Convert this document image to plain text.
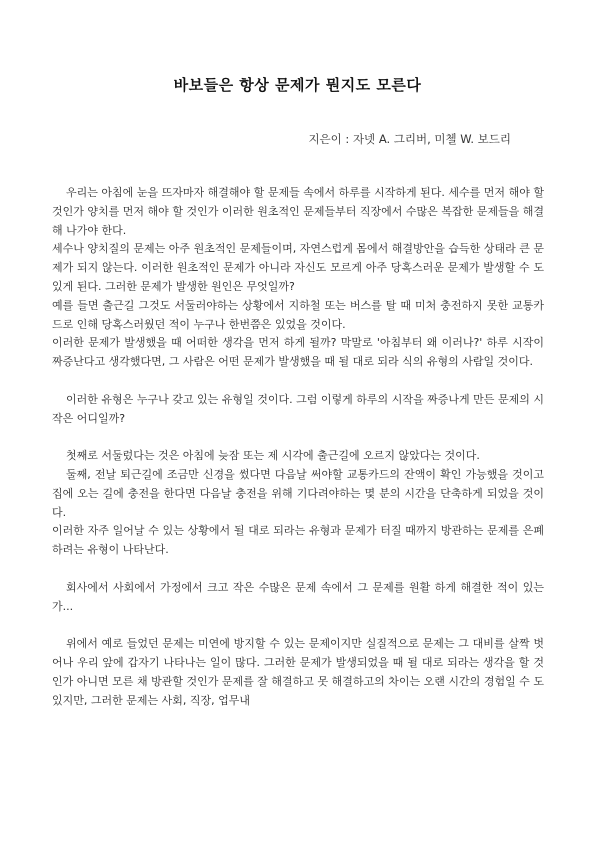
바보들은 항상 문제가 뭔지도 모른다
지은이 : 자넷 A. 그리버, 미첼 W. 보드리

우리는 아침에 눈을 뜨자마자 해결해야 할 문제들 속에서 하루를 시작하게 된다. 세수를 먼저 해야 할 것인가 양치를 먼저 해야 할 것인가 이러한 원초적인 문제들부터 직장에서 수많은 복잡한 문제들을 해결해 나가야 한다.

세수나 양치질의 문제는 아주 원초적인 문제들이며, 자연스럽게 몸에서 해결방안을 습득한 상태라 큰 문제가 되지 않는다. 이러한 원초적인 문제가 아니라 자신도 모르게 아주 당혹스러운 문제가 발생할 수 도 있게 된다. 그러한 문제가 발생한 원인은 무엇일까?

예를 들면 출근길 그것도 서둘러야하는 상황에서 지하철 또는 버스를 탈 때 미처 충전하지 못한 교통카드로 인해 당혹스러웠던 적이 누구나 한번쯤은 있었을 것이다.

이러한 문제가 발생했을 때 어떠한 생각을 먼저 하게 될까? 막말로 '아침부터 왜 이러나?' 하루 시작이 짜증난다고 생각했다면, 그 사람은 어떤 문제가 발생했을 때 될 대로 되라 식의 유형의 사람일 것이다.

이러한 유형은 누구나 갖고 있는 유형일 것이다. 그럼 이렇게 하루의 시작을 짜증나게 만든 문제의 시작은 어디일까?

첫째로 서둘렀다는 것은 아침에 늦잠 또는 제 시각에 출근길에 오르지 않았다는 것이다.

둘째, 전날 퇴근길에 조금만 신경을 썼다면 다음날 써야할 교통카드의 잔액이 확인 가능했을 것이고 집에 오는 길에 충전을 한다면 다음날 충전을 위해 기다려야하는 몇 분의 시간을 단축하게 되었을 것이다.

이러한 자주 일어날 수 있는 상황에서 될 대로 되라는 유형과 문제가 터질 때까지 방관하는 문제를 은폐하려는 유형이 나타난다.

회사에서 사회에서 가정에서 크고 작은 수많은 문제 속에서 그 문제를 원활 하게 해결한 적이 있는가...

위에서 예로 들었던 문제는 미연에 방지할 수 있는 문제이지만 실질적으로 문제는 그 대비를 살짝 벗어나 우리 앞에 갑자기 나타나는 일이 많다. 그러한 문제가 발생되었을 때 될 대로 되라는 생각을 할 것인가 아니면 모른 채 방관할 것인가 문제를 잘 해결하고 못 해결하고의 차이는 오랜 시간의 경험일 수 도 있지만, 그러한 문제는 사회, 직장, 업무내
